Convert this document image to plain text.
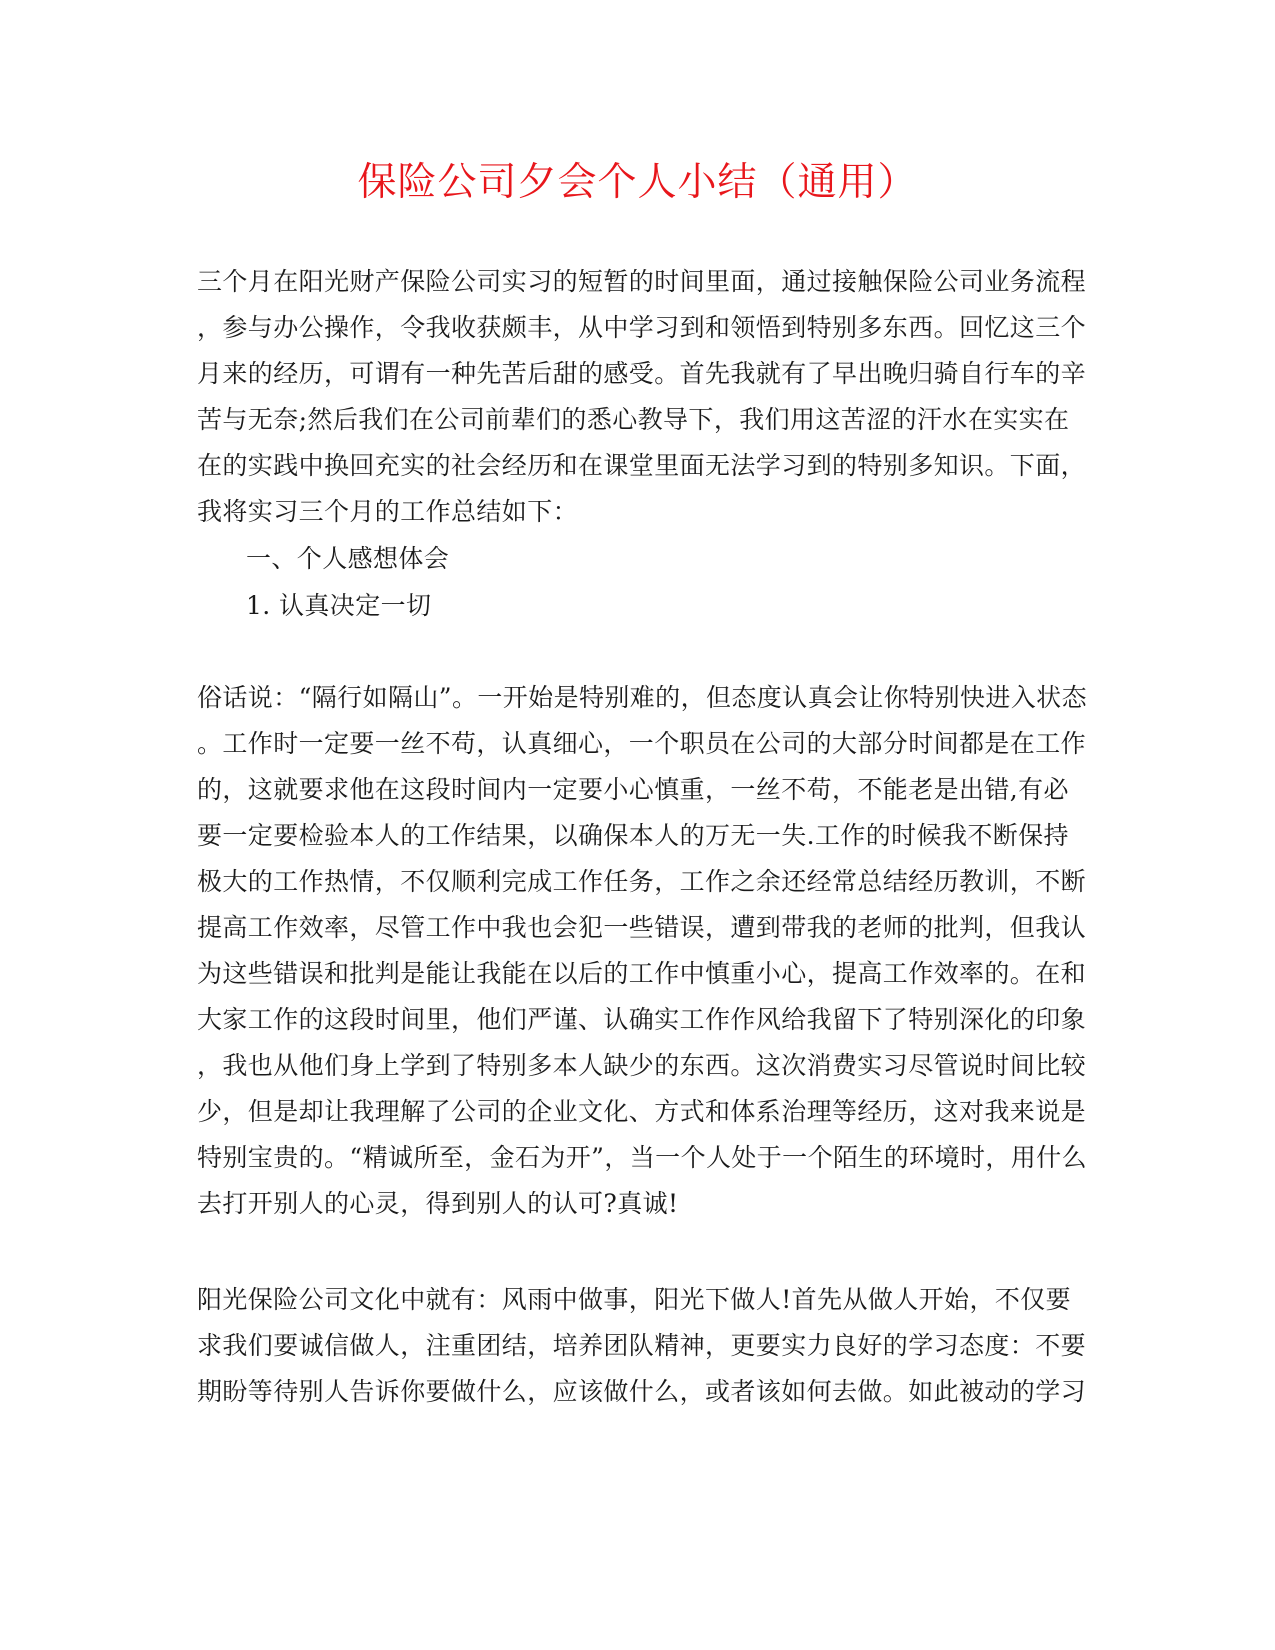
保险公司夕会个人小结（通用）
三个月在阳光财产保险公司实习的短暂的时间里面，通过接触保险公司业务流程
，参与办公操作，令我收获颇丰，从中学习到和领悟到特别多东西。回忆这三个
月来的经历，可谓有一种先苦后甜的感受。首先我就有了早出晚归骑自行车的辛
苦与无奈;然后我们在公司前辈们的悉心教导下，我们用这苦涩的汗水在实实在
在的实践中换回充实的社会经历和在课堂里面无法学习到的特别多知识。下面，
我将实习三个月的工作总结如下：
一、个人感想体会
1. 认真决定一切
俗话说：“隔行如隔山”。一开始是特别难的，但态度认真会让你特别快进入状态
。工作时一定要一丝不苟，认真细心，一个职员在公司的大部分时间都是在工作
的，这就要求他在这段时间内一定要小心慎重，一丝不苟，不能老是出错,有必
要一定要检验本人的工作结果，以确保本人的万无一失.工作的时候我不断保持
极大的工作热情，不仅顺利完成工作任务，工作之余还经常总结经历教训，不断
提高工作效率，尽管工作中我也会犯一些错误，遭到带我的老师的批判，但我认
为这些错误和批判是能让我能在以后的工作中慎重小心，提高工作效率的。在和
大家工作的这段时间里，他们严谨、认确实工作作风给我留下了特别深化的印象
，我也从他们身上学到了特别多本人缺少的东西。这次消费实习尽管说时间比较
少，但是却让我理解了公司的企业文化、方式和体系治理等经历，这对我来说是
特别宝贵的。“精诚所至，金石为开”，当一个人处于一个陌生的环境时，用什么
去打开别人的心灵，得到别人的认可?真诚!
阳光保险公司文化中就有：风雨中做事，阳光下做人!首先从做人开始，不仅要
求我们要诚信做人，注重团结，培养团队精神，更要实力良好的学习态度：不要
期盼等待别人告诉你要做什么，应该做什么，或者该如何去做。如此被动的学习
